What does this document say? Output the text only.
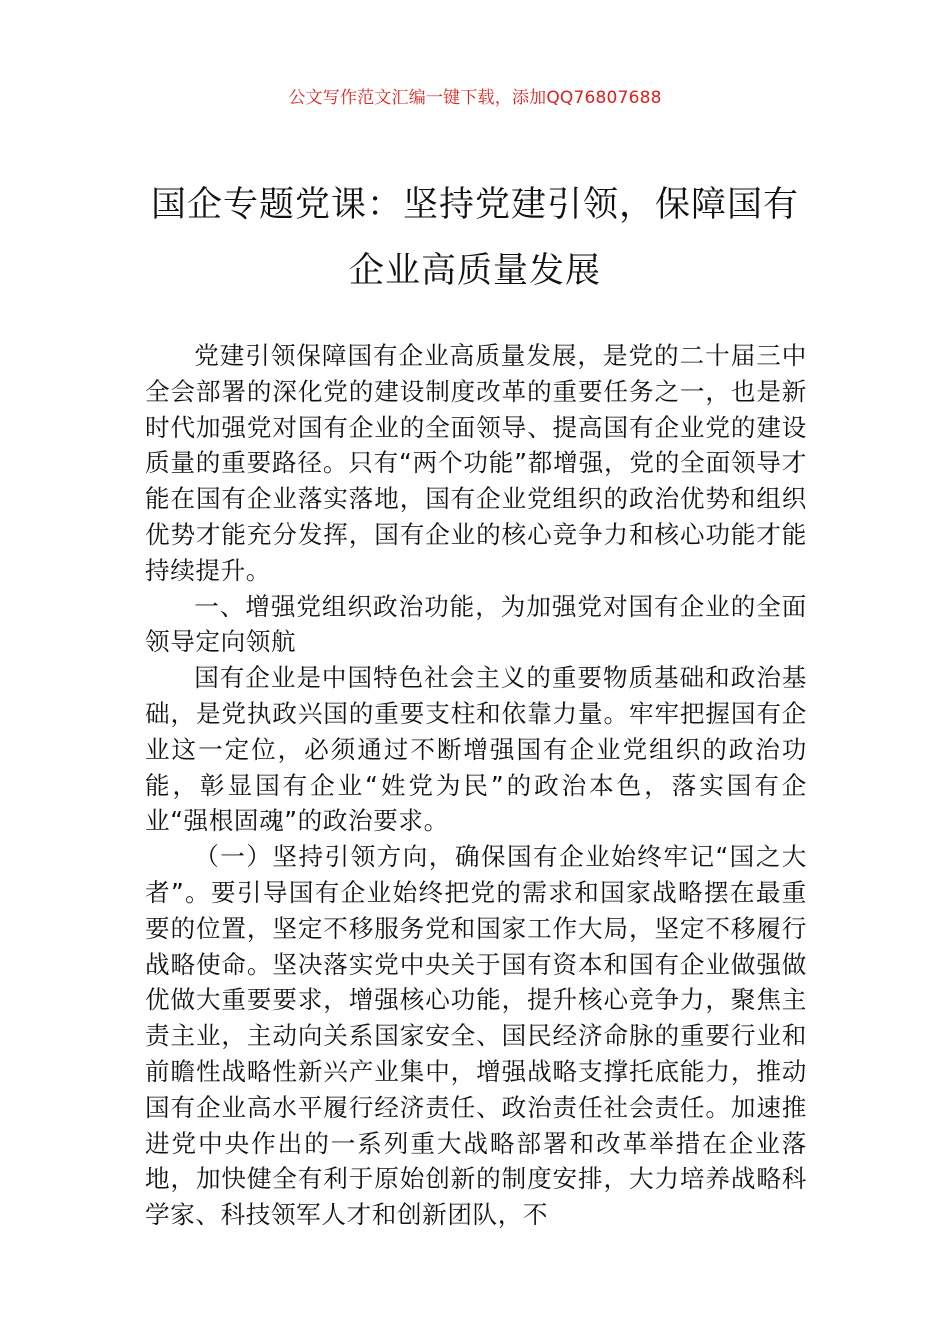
公文写作范文汇编一键下载，添加QQ76807688
国企专题党课：坚持党建引领，保障国有
企业高质量发展

党建引领保障国有企业高质量发展，是党的二十届三中全会部署的深化党的建设制度改革的重要任务之一，也是新时代加强党对国有企业的全面领导、提高国有企业党的建设质量的重要路径。只有“两个功能”都增强，党的全面领导才能在国有企业落实落地，国有企业党组织的政治优势和组织优势才能充分发挥，国有企业的核心竞争力和核心功能才能持续提升。

一、增强党组织政治功能，为加强党对国有企业的全面领导定向领航

国有企业是中国特色社会主义的重要物质基础和政治基础，是党执政兴国的重要支柱和依靠力量。牢牢把握国有企业这一定位，必须通过不断增强国有企业党组织的政治功能，彰显国有企业“姓党为民”的政治本色，落实国有企业“强根固魂”的政治要求。

（一）坚持引领方向，确保国有企业始终牢记“国之大者”。要引导国有企业始终把党的需求和国家战略摆在最重要的位置，坚定不移服务党和国家工作大局，坚定不移履行战略使命。坚决落实党中央关于国有资本和国有企业做强做优做大重要要求，增强核心功能，提升核心竞争力，聚焦主责主业，主动向关系国家安全、国民经济命脉的重要行业和前瞻性战略性新兴产业集中，增强战略支撑托底能力，推动国有企业高水平履行经济责任、政治责任社会责任。加速推进党中央作出的一系列重大战略部署和改革举措在企业落地，加快健全有利于原始创新的制度安排，大力培养战略科学家、科技领军人才和创新团队，不
